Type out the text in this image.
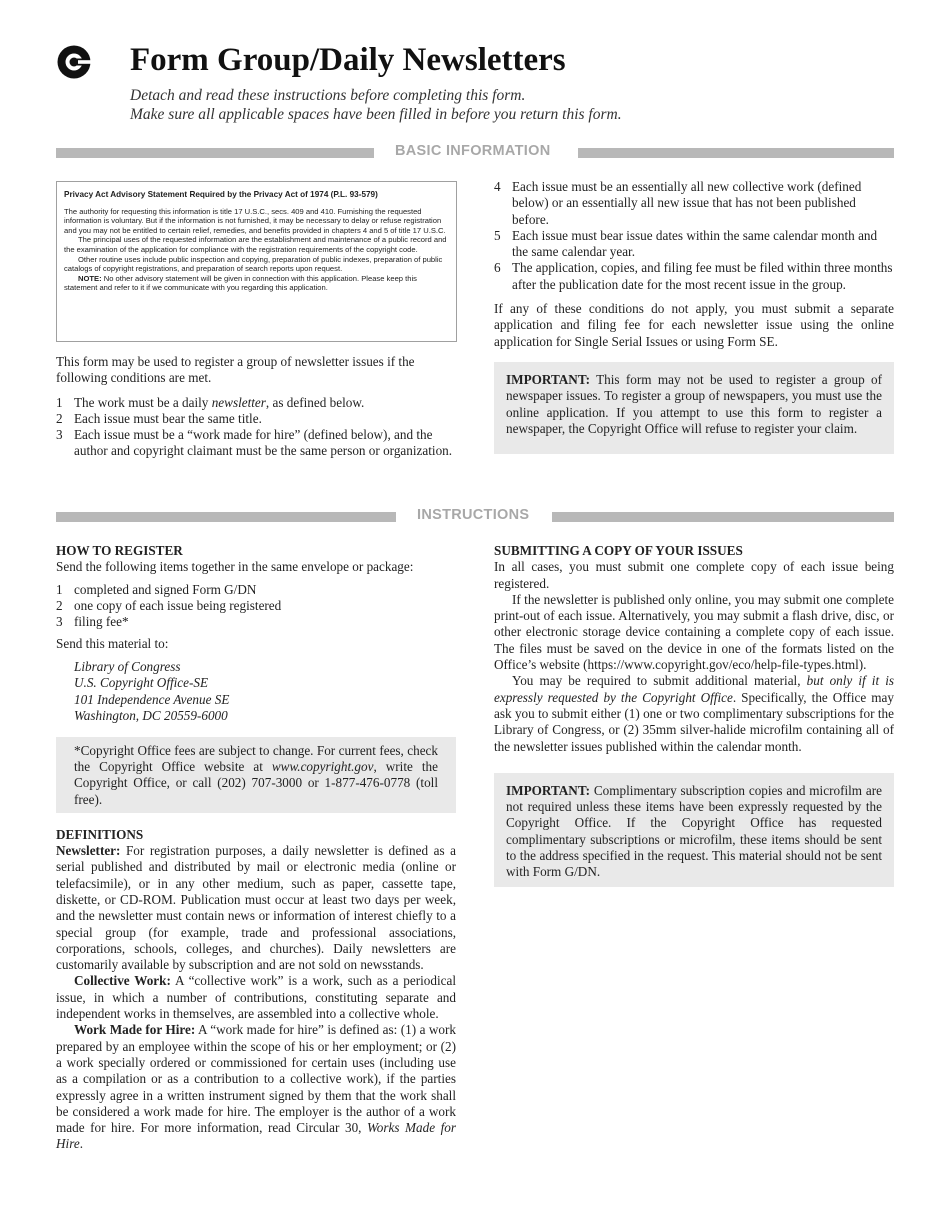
Form Group/Daily Newsletters
Detach and read these instructions before completing this form.
Make sure all applicable spaces have been filled in before you return this form.
BASIC INFORMATION
Privacy Act Advisory Statement Required by the Privacy Act of 1974 (P.L. 93-579)

The authority for requesting this information is title 17 U.S.C., secs. 409 and 410. Furnishing the requested information is voluntary. But if the information is not furnished, it may be necessary to delay or refuse registration and you may not be entitled to certain relief, remedies, and benefits provided in chapters 4 and 5 of title 17 U.S.C.

The principal uses of the requested information are the establishment and maintenance of a public record and the examination of the application for compliance with the registration requirements of the copyright code.

Other routine uses include public inspection and copying, preparation of public indexes, preparation of public catalogs of copyright registrations, and preparation of search reports upon request.

NOTE: No other advisory statement will be given in connection with this application. Please keep this statement and refer to it if we communicate with you regarding this application.

This form may be used to register a group of newsletter issues if the following conditions are met.

1 The work must be a daily newsletter, as defined below.
2 Each issue must bear the same title.
3 Each issue must be a “work made for hire” (defined below), and the author and copyright claimant must be the same person or organization.
4 Each issue must be an essentially all new collective work (defined below) or an essentially all new issue that has not been published before.
5 Each issue must bear issue dates within the same calendar month and the same calendar year.
6 The application, copies, and filing fee must be filed within three months after the publication date for the most recent issue in the group.

If any of these conditions do not apply, you must submit a separate application and filing fee for each newsletter issue using the online application for Single Serial Issues or using Form SE.

IMPORTANT: This form may not be used to register a group of newspaper issues. To register a group of newspapers, you must use the online application. If you attempt to use this form to register a newspaper, the Copyright Office will refuse to register your claim.
INSTRUCTIONS
HOW TO REGISTER

Send the following items together in the same envelope or package:

1 completed and signed Form G/DN
2 one copy of each issue being registered
3 filing fee*

Send this material to:

Library of Congress
U.S. Copyright Office-SE
101 Independence Avenue SE
Washington, DC 20559-6000
*Copyright Office fees are subject to change. For current fees, check the Copyright Office website at www.copyright.gov, write the Copyright Office, or call (202) 707-3000 or 1-877-476-0778 (toll free).
DEFINITIONS

Newsletter: For registration purposes, a daily newsletter is defined as a serial published and distributed by mail or electronic media (online or telefacsimile), or in any other medium, such as paper, cassette tape, diskette, or CD-ROM. Publication must occur at least two days per week, and the newsletter must contain news or information of interest chiefly to a special group (for example, trade and professional associations, corporations, schools, colleges, and churches). Daily newsletters are customarily available by subscription and are not sold on newsstands.

Collective Work: A “collective work” is a work, such as a periodical issue, in which a number of contributions, constituting separate and independent works in themselves, are assembled into a collective whole.

Work Made for Hire: A “work made for hire” is defined as: (1) a work prepared by an employee within the scope of his or her employment; or (2) a work specially ordered or commissioned for certain uses (including use as a compilation or as a contribution to a collective work), if the parties expressly agree in a written instrument signed by them that the work shall be considered a work made for hire. The employer is the author of a work made for hire. For more information, read Circular 30, Works Made for Hire.

SUBMITTING A COPY OF YOUR ISSUES

In all cases, you must submit one complete copy of each issue being registered.

If the newsletter is published only online, you may submit one complete print-out of each issue. Alternatively, you may submit a flash drive, disc, or other electronic storage device containing a complete copy of each issue. The files must be saved on the device in one of the formats listed on the Office’s website (https://www.copyright.gov/eco/help-file-types.html).

You may be required to submit additional material, but only if it is expressly requested by the Copyright Office. Specifically, the Office may ask you to submit either (1) one or two complimentary subscriptions for the Library of Congress, or (2) 35mm silver-halide microfilm containing all of the newsletter issues published within the calendar month.

IMPORTANT: Complimentary subscription copies and microfilm are not required unless these items have been expressly requested by the Copyright Office. If the Copyright Office has requested complimentary subscriptions or microfilm, these items should be sent to the address specified in the request. This material should not be sent with Form G/DN.
